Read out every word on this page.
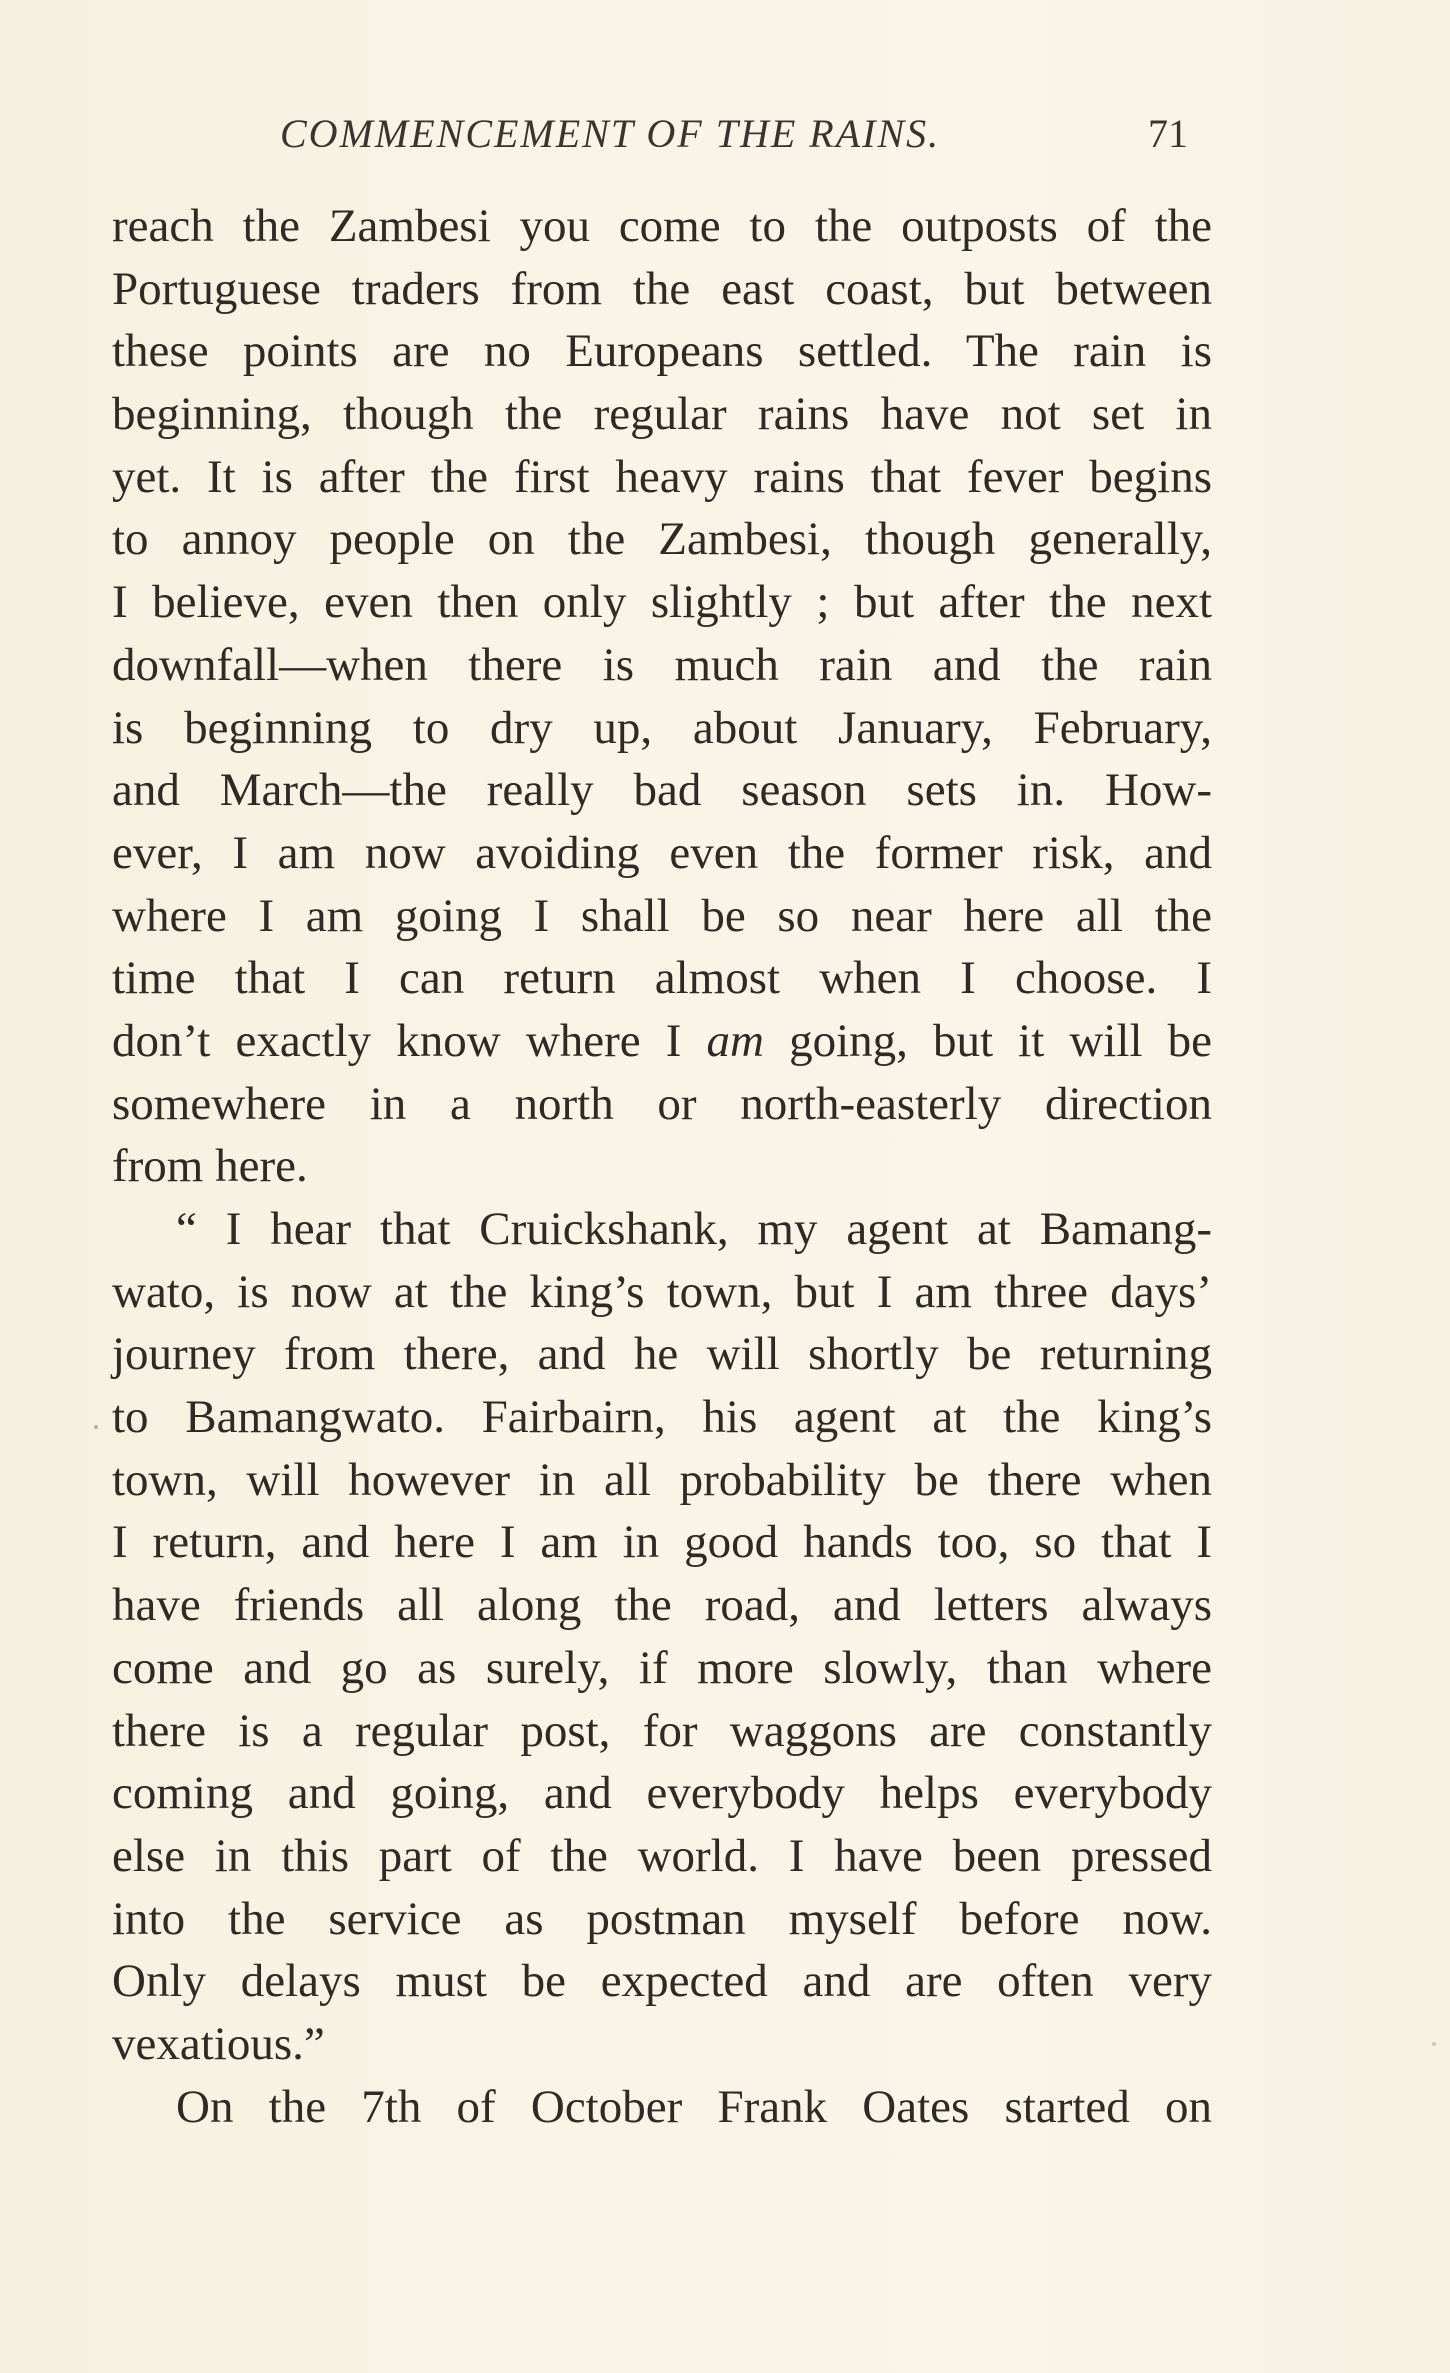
COMMENCEMENT OF THE RAINS.	71
reach the Zambesi you come to the outposts of the
Portuguese traders from the east coast, but between
these points are no Europeans settled. The rain is
beginning, though the regular rains have not set in
yet. It is after the first heavy rains that fever begins
to annoy people on the Zambesi, though generally,
I believe, even then only slightly ; but after the next
downfall—when there is much rain and the rain
is beginning to dry up, about January, February,
and March—the really bad season sets in. How-
ever, I am now avoiding even the former risk, and
where I am going I shall be so near here all the
time that I can return almost when I choose. I
don’t exactly know where I am going, but it will be
somewhere in a north or north-easterly direction
from here.
“ I hear that Cruickshank, my agent at Bamang-
wato, is now at the king’s town, but I am three days’
journey from there, and he will shortly be returning
to Bamangwato. Fairbairn, his agent at the king’s
town, will however in all probability be there when
I return, and here I am in good hands too, so that I
have friends all along the road, and letters always
come and go as surely, if more slowly, than where
there is a regular post, for waggons are constantly
coming and going, and everybody helps everybody
else in this part of the world. I have been pressed
into the service as postman myself before now.
Only delays must be expected and are often very
vexatious.”
On the 7th of October Frank Oates started on
